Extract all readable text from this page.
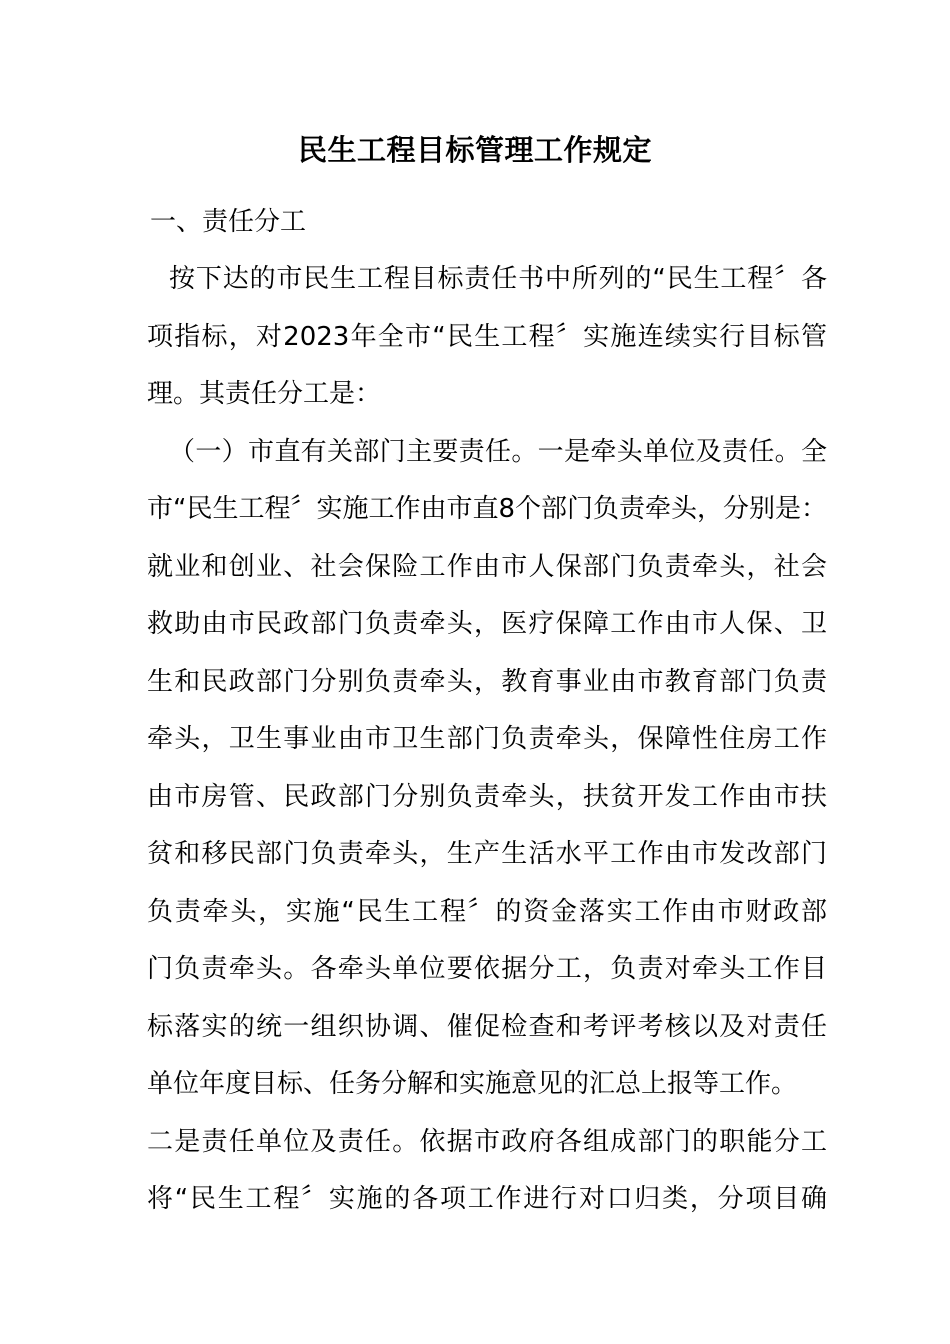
民生工程目标管理工作规定
一、责任分工
按下达的市民生工程目标责任书中所列的“民生工程〞各
项指标，对2023年全市“民生工程〞实施连续实行目标管
理。其责任分工是：
（一）市直有关部门主要责任。一是牵头单位及责任。全
市“民生工程〞实施工作由市直8个部门负责牵头，分别是：
就业和创业、社会保险工作由市人保部门负责牵头，社会
救助由市民政部门负责牵头，医疗保障工作由市人保、卫
生和民政部门分别负责牵头，教育事业由市教育部门负责
牵头，卫生事业由市卫生部门负责牵头，保障性住房工作
由市房管、民政部门分别负责牵头，扶贫开发工作由市扶
贫和移民部门负责牵头，生产生活水平工作由市发改部门
负责牵头，实施“民生工程〞的资金落实工作由市财政部
门负责牵头。各牵头单位要依据分工，负责对牵头工作目
标落实的统一组织协调、催促检查和考评考核以及对责任
单位年度目标、任务分解和实施意见的汇总上报等工作。
二是责任单位及责任。依据市政府各组成部门的职能分工
将“民生工程〞实施的各项工作进行对口归类，分项目确
